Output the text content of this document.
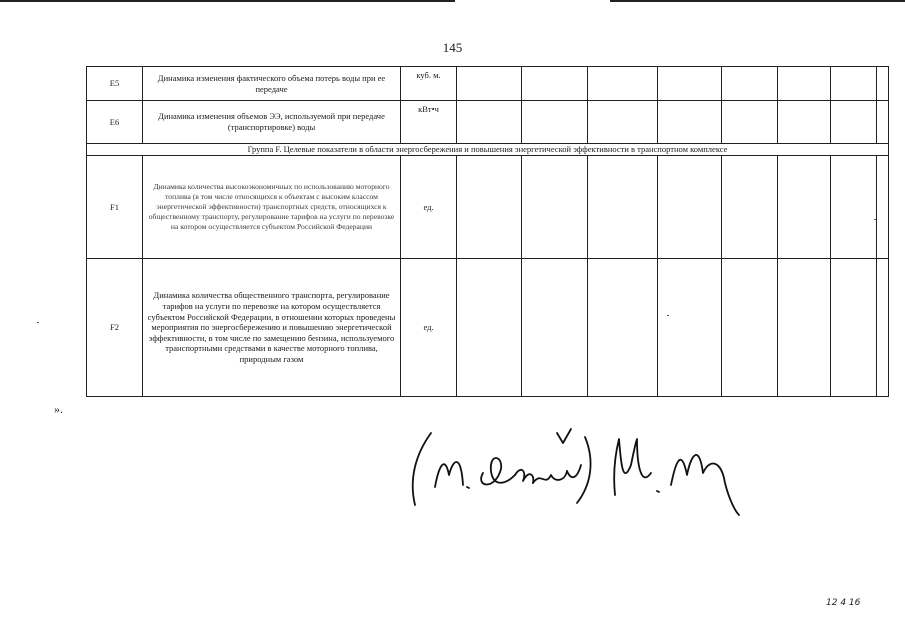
145
E5	Динамика изменения фактического объема потерь воды при ее передаче	куб. м.								
E6	Динамика изменения объемов ЭЭ, используемой при передаче (транспортировке) воды	кВт•ч								
Группа F. Целевые показатели в области энергосбережения и повышения энергетической эффективности в транспортном комплексе										
F1	Динамика количества высокоэкономичных по использованию моторного топлива (в том числе относящихся к объектам с высоким классом энергетической эффективности) транспортных средств, относящихся к общественному транспорту, регулирование тарифов на услуги по перевозке на котором осуществляется субъектом Российской Федерации	ед.								
F2	Динамика количества общественного транспорта, регулирование тарифов на услуги по перевозке на котором осуществляется субъектом Российской Федерации, в отношении которых проведены мероприятия по энергосбережению и повышению энергетической эффективности, в том числе по замещению бензина, используемого транспортными средствами в качестве моторного топлива, природным газом	ед.								
».
12 4 16
